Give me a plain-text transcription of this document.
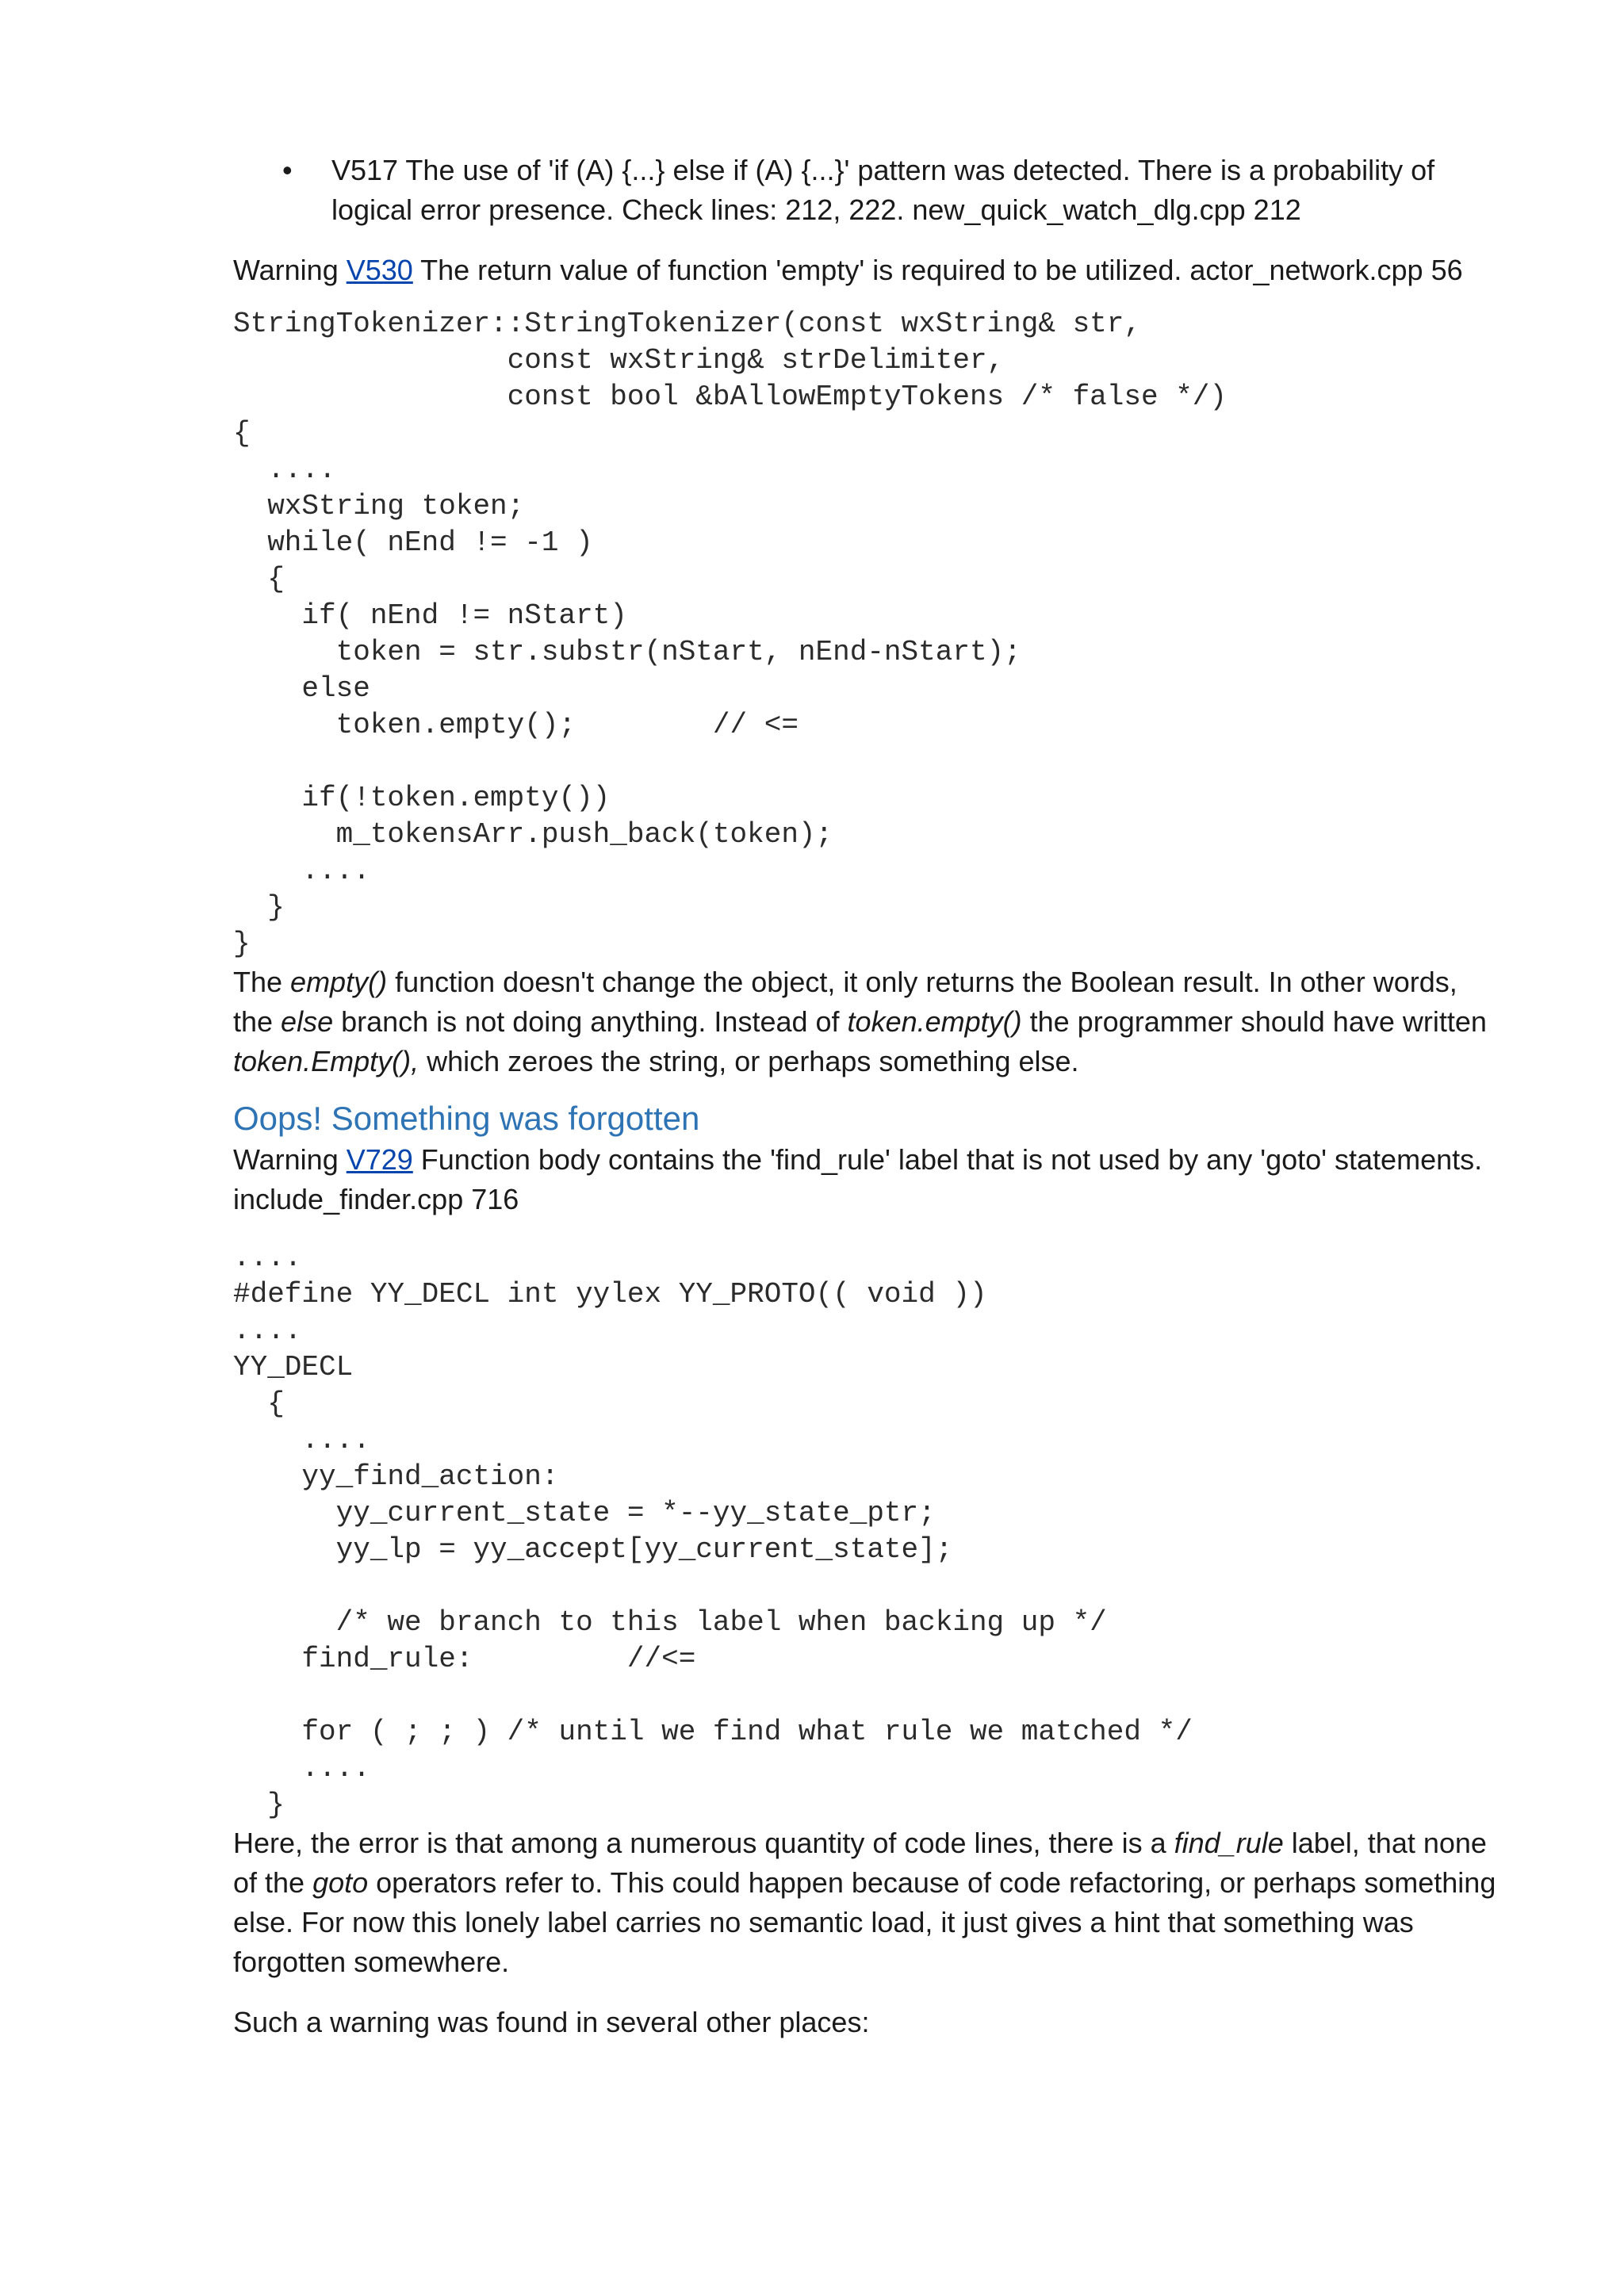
• V517 The use of 'if (A) {...} else if (A) {...}' pattern was detected. There is a probability of logical error presence. Check lines: 212, 222. new_quick_watch_dlg.cpp 212

Warning V530 The return value of function 'empty' is required to be utilized. actor_network.cpp 56

StringTokenizer::StringTokenizer(const wxString& str,
const wxString& strDelimiter,
const bool &bAllowEmptyTokens /* false */)
{
....
wxString token;
while( nEnd != -1 )
{
if( nEnd != nStart)
token = str.substr(nStart, nEnd-nStart);
else
token.empty();        // <=
if(!token.empty())
m_tokensArr.push_back(token);
....
}
}

The empty() function doesn't change the object, it only returns the Boolean result. In other words, the else branch is not doing anything. Instead of token.empty() the programmer should have written token.Empty(), which zeroes the string, or perhaps something else.

Oops! Something was forgotten

Warning V729 Function body contains the 'find_rule' label that is not used by any 'goto' statements. include_finder.cpp 716

....
#define YY_DECL int yylex YY_PROTO(( void ))
....
YY_DECL
{
....
yy_find_action:
yy_current_state = *--yy_state_ptr;
yy_lp = yy_accept[yy_current_state];
/* we branch to this label when backing up */
find_rule:         //<=
for ( ; ; ) /* until we find what rule we matched */
....
}

Here, the error is that among a numerous quantity of code lines, there is a find_rule label, that none of the goto operators refer to. This could happen because of code refactoring, or perhaps something else. For now this lonely label carries no semantic load, it just gives a hint that something was forgotten somewhere.

Such a warning was found in several other places:
